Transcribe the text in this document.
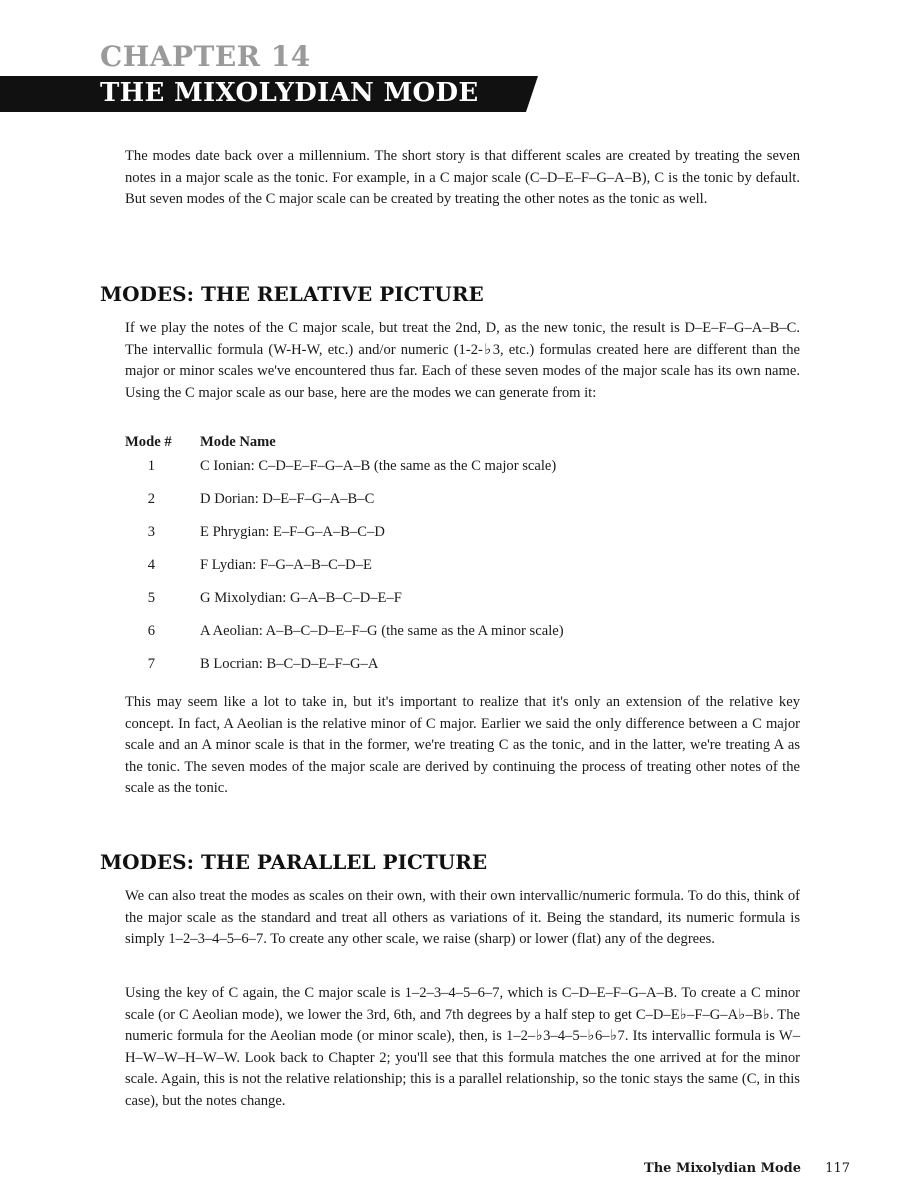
CHAPTER 14
THE MIXOLYDIAN MODE

The modes date back over a millennium. The short story is that different scales are created by treating the seven notes in a major scale as the tonic. For example, in a C major scale (C–D–E–F–G–A–B), C is the tonic by default. But seven modes of the C major scale can be created by treating the other notes as the tonic as well.

MODES: THE RELATIVE PICTURE

If we play the notes of the C major scale, but treat the 2nd, D, as the new tonic, the result is D–E–F–G–A–B–C. The intervallic formula (W-H-W, etc.) and/or numeric (1-2-♭3, etc.) formulas created here are different than the major or minor scales we've encountered thus far. Each of these seven modes of the major scale has its own name. Using the C major scale as our base, here are the modes we can generate from it:

Mode #	Mode Name
1	C Ionian: C–D–E–F–G–A–B (the same as the C major scale)
2	D Dorian: D–E–F–G–A–B–C
3	E Phrygian: E–F–G–A–B–C–D
4	F Lydian: F–G–A–B–C–D–E
5	G Mixolydian: G–A–B–C–D–E–F
6	A Aeolian: A–B–C–D–E–F–G (the same as the A minor scale)
7	B Locrian: B–C–D–E–F–G–A

This may seem like a lot to take in, but it's important to realize that it's only an extension of the relative key concept. In fact, A Aeolian is the relative minor of C major. Earlier we said the only difference between a C major scale and an A minor scale is that in the former, we're treating C as the tonic, and in the latter, we're treating A as the tonic. The seven modes of the major scale are derived by continuing the process of treating other notes of the scale as the tonic.

MODES: THE PARALLEL PICTURE

We can also treat the modes as scales on their own, with their own intervallic/numeric formula. To do this, think of the major scale as the standard and treat all others as variations of it. Being the standard, its numeric formula is simply 1–2–3–4–5–6–7. To create any other scale, we raise (sharp) or lower (flat) any of the degrees.

Using the key of C again, the C major scale is 1–2–3–4–5–6–7, which is C–D–E–F–G–A–B. To create a C minor scale (or C Aeolian mode), we lower the 3rd, 6th, and 7th degrees by a half step to get C–D–E♭–F–G–A♭–B♭. The numeric formula for the Aeolian mode (or minor scale), then, is 1–2–♭3–4–5–♭6–♭7. Its intervallic formula is W–H–W–W–H–W–W. Look back to Chapter 2; you'll see that this formula matches the one arrived at for the minor scale. Again, this is not the relative relationship; this is a parallel relationship, so the tonic stays the same (C, in this case), but the notes change.

The Mixolydian Mode 117
